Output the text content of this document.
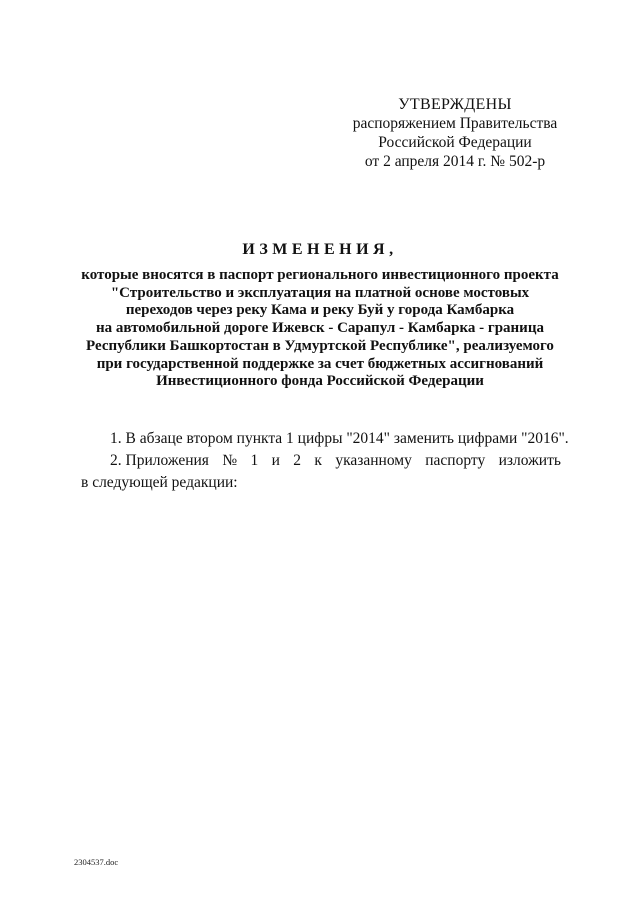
УТВЕРЖДЕНЫ
распоряжением Правительства
Российской Федерации
от 2 апреля 2014 г. № 502-р
ИЗМЕНЕНИЯ,
которые вносятся в паспорт регионального инвестиционного проекта
"Строительство и эксплуатация на платной основе мостовых
переходов через реку Кама и реку Буй у города Камбарка
на автомобильной дороге Ижевск - Сарапул - Камбарка - граница
Республики Башкортостан в Удмуртской Республике", реализуемого
при государственной поддержке за счет бюджетных ассигнований
Инвестиционного фонда Российской Федерации
1. В абзаце втором пункта 1 цифры "2014" заменить цифрами "2016".
2. Приложения № 1 и 2 к указанному паспорту изложить
в следующей редакции:
2304537.doc
